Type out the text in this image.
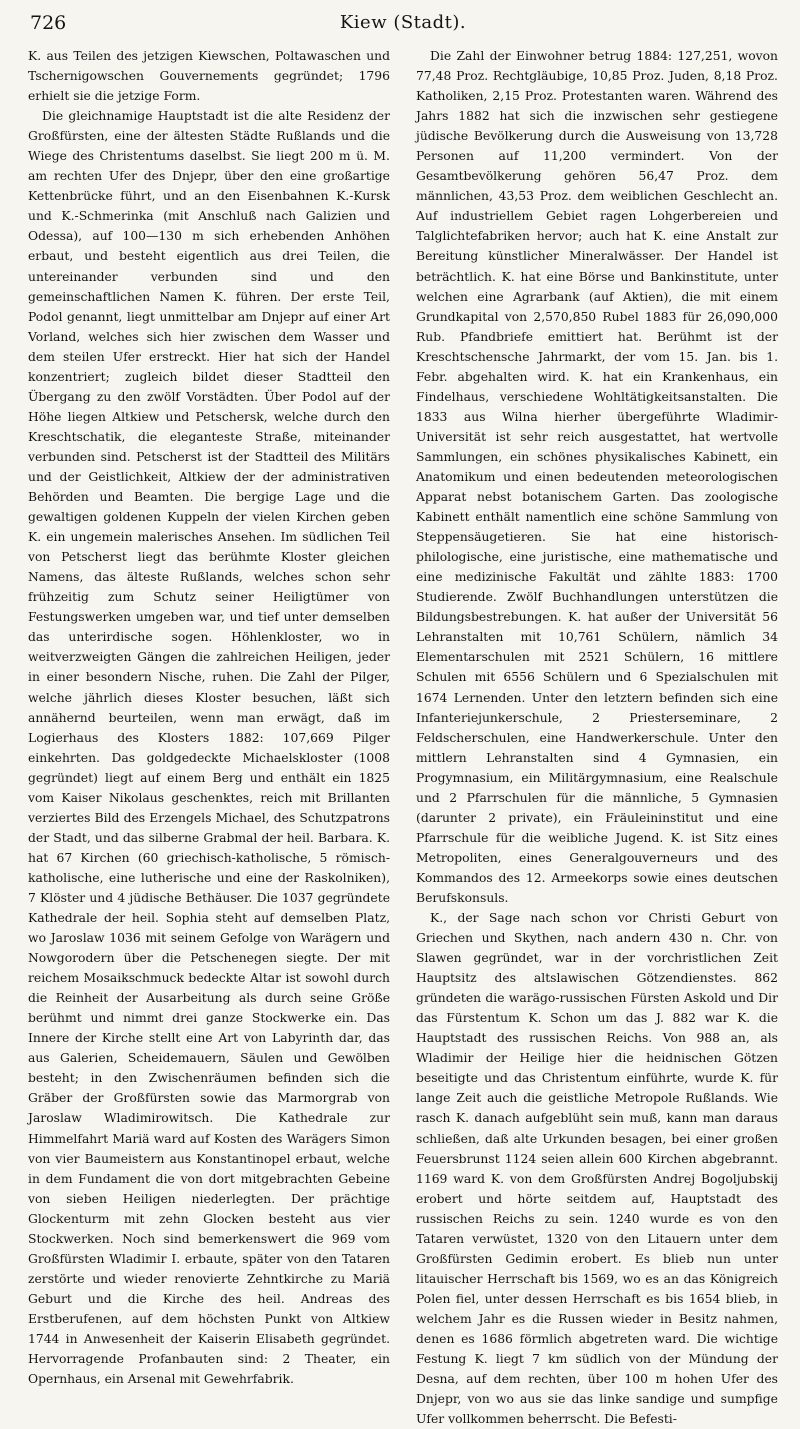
726	Kiew (Stadt).

K. aus Teilen des jetzigen Kiewschen, Poltawaschen und Tschernigowschen Gouvernements gegründet; 1796 erhielt sie die jetzige Form.

Die gleichnamige Hauptstadt ist die alte Residenz der Großfürsten, eine der ältesten Städte Rußlands und die Wiege des Christentums daselbst. Sie liegt 200 m ü. M. am rechten Ufer des Dnjepr, über den eine großartige Kettenbrücke führt, und an den Eisenbahnen K.-Kursk und K.-Schmerinka (mit Anschluß nach Galizien und Odessa), auf 100—130 m sich erhebenden Anhöhen erbaut, und besteht eigentlich aus drei Teilen, die untereinander verbunden sind und den gemeinschaftlichen Namen K. führen. Der erste Teil, Podol genannt, liegt unmittelbar am Dnjepr auf einer Art Vorland, welches sich hier zwischen dem Wasser und dem steilen Ufer erstreckt. Hier hat sich der Handel konzentriert; zugleich bildet dieser Stadtteil den Übergang zu den zwölf Vorstädten. Über Podol auf der Höhe liegen Altkiew und Petschersk, welche durch den Kreschtschatik, die eleganteste Straße, miteinander verbunden sind. Petscherst ist der Stadtteil des Militärs und der Geistlichkeit, Altkiew der der administrativen Behörden und Beamten. Die bergige Lage und die gewaltigen goldenen Kuppeln der vielen Kirchen geben K. ein ungemein malerisches Ansehen. Im südlichen Teil von Petscherst liegt das berühmte Kloster gleichen Namens, das älteste Rußlands, welches schon sehr frühzeitig zum Schutz seiner Heiligtümer von Festungswerken umgeben war, und tief unter demselben das unterirdische sogen. Höhlenkloster, wo in weitverzweigten Gängen die zahlreichen Heiligen, jeder in einer besondern Nische, ruhen. Die Zahl der Pilger, welche jährlich dieses Kloster besuchen, läßt sich annähernd beurteilen, wenn man erwägt, daß im Logierhaus des Klosters 1882: 107,669 Pilger einkehrten. Das goldgedeckte Michaelskloster (1008 gegründet) liegt auf einem Berg und enthält ein 1825 vom Kaiser Nikolaus geschenktes, reich mit Brillanten verziertes Bild des Erzengels Michael, des Schutzpatrons der Stadt, und das silberne Grabmal der heil. Barbara. K. hat 67 Kirchen (60 griechisch-katholische, 5 römisch-katholische, eine lutherische und eine der Raskolniken), 7 Klöster und 4 jüdische Bethäuser. Die 1037 gegründete Kathedrale der heil. Sophia steht auf demselben Platz, wo Jaroslaw 1036 mit seinem Gefolge von Warägern und Nowgorodern über die Petschenegen siegte. Der mit reichem Mosaikschmuck bedeckte Altar ist sowohl durch die Reinheit der Ausarbeitung als durch seine Größe berühmt und nimmt drei ganze Stockwerke ein. Das Innere der Kirche stellt eine Art von Labyrinth dar, das aus Galerien, Scheidemauern, Säulen und Gewölben besteht; in den Zwischenräumen befinden sich die Gräber der Großfürsten sowie das Marmorgrab von Jaroslaw Wladimirowitsch. Die Kathedrale zur Himmelfahrt Mariä ward auf Kosten des Warägers Simon von vier Baumeistern aus Konstantinopel erbaut, welche in dem Fundament die von dort mitgebrachten Gebeine von sieben Heiligen niederlegten. Der prächtige Glockenturm mit zehn Glocken besteht aus vier Stockwerken. Noch sind bemerkenswert die 969 vom Großfürsten Wladimir I. erbaute, später von den Tataren zerstörte und wieder renovierte Zehntkirche zu Mariä Geburt und die Kirche des heil. Andreas des Erstberufenen, auf dem höchsten Punkt von Altkiew 1744 in Anwesenheit der Kaiserin Elisabeth gegründet. Hervorragende Profanbauten sind: 2 Theater, ein Opernhaus, ein Arsenal mit Gewehrfabrik.

Die Zahl der Einwohner betrug 1884: 127,251, wovon 77,48 Proz. Rechtgläubige, 10,85 Proz. Juden, 8,18 Proz. Katholiken, 2,15 Proz. Protestanten waren. Während des Jahrs 1882 hat sich die inzwischen sehr gestiegene jüdische Bevölkerung durch die Ausweisung von 13,728 Personen auf 11,200 vermindert. Von der Gesamtbevölkerung gehören 56,47 Proz. dem männlichen, 43,53 Proz. dem weiblichen Geschlecht an. Auf industriellem Gebiet ragen Lohgerbereien und Talglichtefabriken hervor; auch hat K. eine Anstalt zur Bereitung künstlicher Mineralwässer. Der Handel ist beträchtlich. K. hat eine Börse und Bankinstitute, unter welchen eine Agrarbank (auf Aktien), die mit einem Grundkapital von 2,570,850 Rubel 1883 für 26,090,000 Rub. Pfandbriefe emittiert hat. Berühmt ist der Kreschtschensche Jahrmarkt, der vom 15. Jan. bis 1. Febr. abgehalten wird. K. hat ein Krankenhaus, ein Findelhaus, verschiedene Wohltätigkeitsanstalten. Die 1833 aus Wilna hierher übergeführte Wladimir-Universität ist sehr reich ausgestattet, hat wertvolle Sammlungen, ein schönes physikalisches Kabinett, ein Anatomikum und einen bedeutenden meteorologischen Apparat nebst botanischem Garten. Das zoologische Kabinett enthält namentlich eine schöne Sammlung von Steppensäugetieren. Sie hat eine historisch-philologische, eine juristische, eine mathematische und eine medizinische Fakultät und zählte 1883: 1700 Studierende. Zwölf Buchhandlungen unterstützen die Bildungsbestrebungen. K. hat außer der Universität 56 Lehranstalten mit 10,761 Schülern, nämlich 34 Elementarschulen mit 2521 Schülern, 16 mittlere Schulen mit 6556 Schülern und 6 Spezialschulen mit 1674 Lernenden. Unter den letztern befinden sich eine Infanteriejunkerschule, 2 Priesterseminare, 2 Feldscherschulen, eine Handwerkerschule. Unter den mittlern Lehranstalten sind 4 Gymnasien, ein Progymnasium, ein Militärgymnasium, eine Realschule und 2 Pfarrschulen für die männliche, 5 Gymnasien (darunter 2 private), ein Fräuleininstitut und eine Pfarrschule für die weibliche Jugend. K. ist Sitz eines Metropoliten, eines Generalgouverneurs und des Kommandos des 12. Armeekorps sowie eines deutschen Berufskonsuls.

K., der Sage nach schon vor Christi Geburt von Griechen und Skythen, nach andern 430 n. Chr. von Slawen gegründet, war in der vorchristlichen Zeit Hauptsitz des altslawischen Götzendienstes. 862 gründeten die warägo-russischen Fürsten Askold und Dir das Fürstentum K. Schon um das J. 882 war K. die Hauptstadt des russischen Reichs. Von 988 an, als Wladimir der Heilige hier die heidnischen Götzen beseitigte und das Christentum einführte, wurde K. für lange Zeit auch die geistliche Metropole Rußlands. Wie rasch K. danach aufgeblüht sein muß, kann man daraus schließen, daß alte Urkunden besagen, bei einer großen Feuersbrunst 1124 seien allein 600 Kirchen abgebrannt. 1169 ward K. von dem Großfürsten Andrej Bogoljubskij erobert und hörte seitdem auf, Hauptstadt des russischen Reichs zu sein. 1240 wurde es von den Tataren verwüstet, 1320 von den Litauern unter dem Großfürsten Gedimin erobert. Es blieb nun unter litauischer Herrschaft bis 1569, wo es an das Königreich Polen fiel, unter dessen Herrschaft es bis 1654 blieb, in welchem Jahr es die Russen wieder in Besitz nahmen, denen es 1686 förmlich abgetreten ward. Die wichtige Festung K. liegt 7 km südlich von der Mündung der Desna, auf dem rechten, über 100 m hohen Ufer des Dnjepr, von wo aus sie das linke sandige und sumpfige Ufer vollkommen beherrscht. Die Befesti-
